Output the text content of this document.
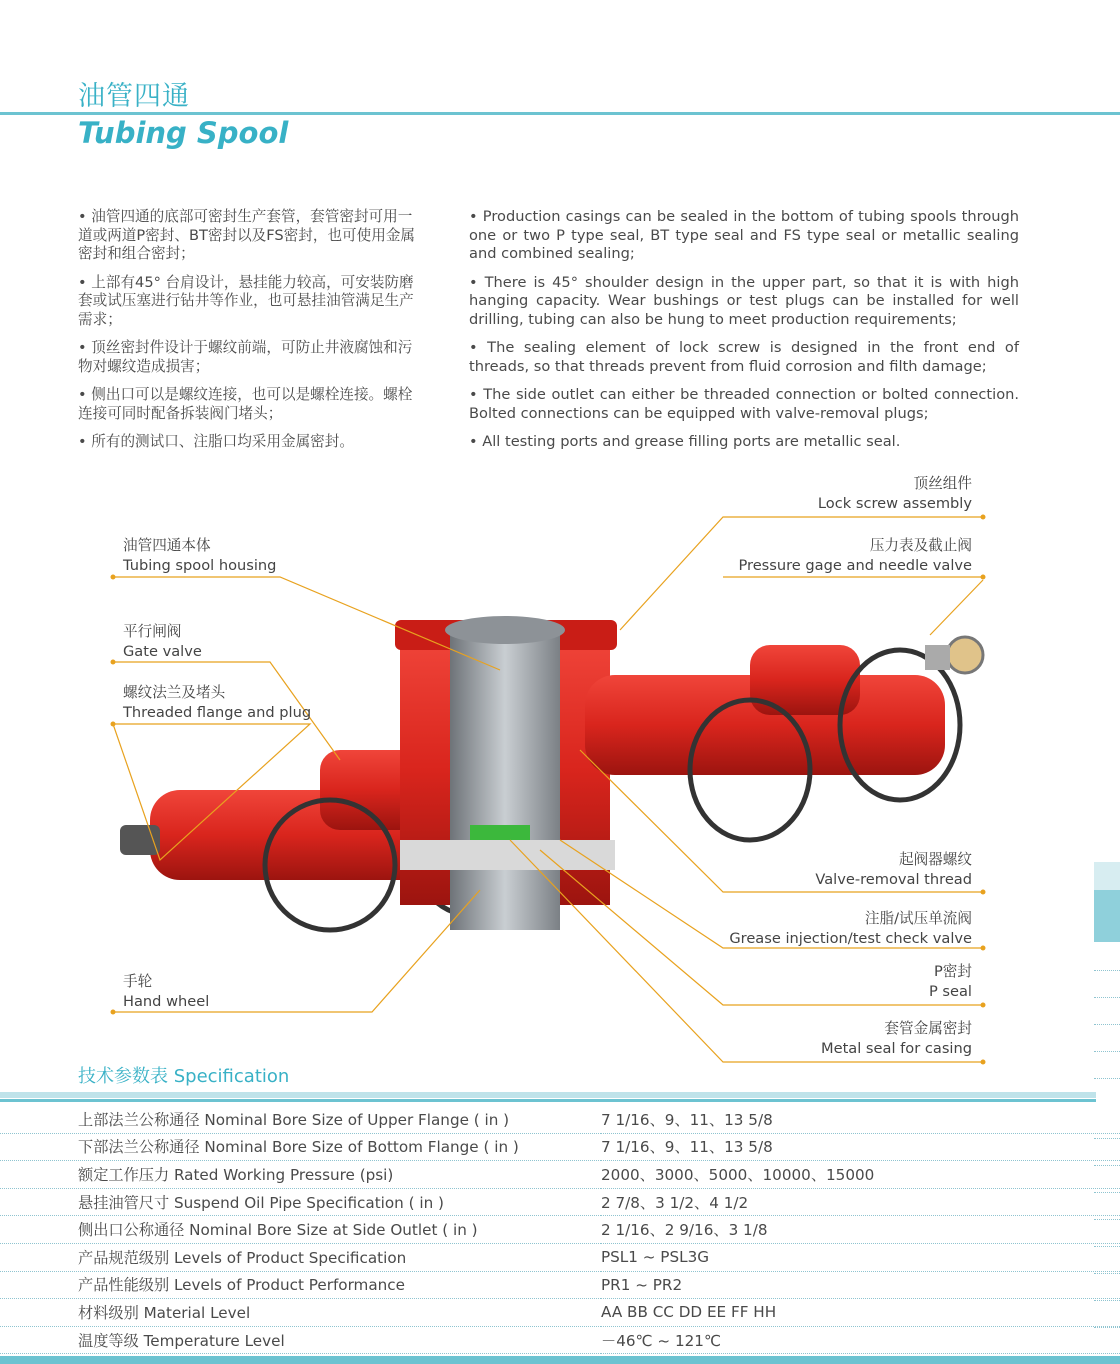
油管四通
Tubing Spool

• 油管四通的底部可密封生产套管，套管密封可用一道或两道P密封、BT密封以及FS密封，也可使用金属密封和组合密封；

• 上部有45° 台肩设计，悬挂能力较高，可安装防磨套或试压塞进行钻井等作业，也可悬挂油管满足生产需求；

• 顶丝密封件设计于螺纹前端，可防止井液腐蚀和污物对螺纹造成损害；

• 侧出口可以是螺纹连接，也可以是螺栓连接。螺栓连接可同时配备拆装阀门堵头；

• 所有的测试口、注脂口均采用金属密封。

• Production casings can be sealed in the bottom of tubing spools through one or two P type seal, BT type seal and FS type seal or metallic sealing and combined sealing;

• There is 45° shoulder design in the upper part, so that it is with high hanging capacity. Wear bushings or test plugs can be installed for well drilling, tubing can also be hung to meet production requirements;

• The sealing element of lock screw is designed in the front end of threads, so that threads prevent from fluid corrosion and filth damage;

• The side outlet can either be threaded connection or bolted connection. Bolted connections can be equipped with valve-removal plugs;

• All testing ports and grease filling ports are metallic seal.

油管四通本体
Tubing spool housing
平行闸阀
Gate valve
螺纹法兰及堵头
Threaded flange and plug
手轮
Hand wheel
顶丝组件
Lock screw assembly
压力表及截止阀
Pressure gage and needle valve
起阀器螺纹
Valve-removal thread
注脂/试压单流阀
Grease injection/test check valve
P密封
P seal
套管金属密封
Metal seal for casing
技术参数表 Specification
上部法兰公称通径 Nominal Bore Size of Upper Flange ( in )	7 1/16、9、11、13 5/8
下部法兰公称通径 Nominal Bore Size of Bottom Flange ( in )	7 1/16、9、11、13 5/8
额定工作压力 Rated Working Pressure (psi)	2000、3000、5000、10000、15000
悬挂油管尺寸 Suspend Oil Pipe Specification ( in )	2 7/8、3 1/2、4 1/2
侧出口公称通径 Nominal Bore Size at Side Outlet ( in )	2 1/16、2 9/16、3 1/8
产品规范级别 Levels of Product Specification	PSL1 ~ PSL3G
产品性能级别 Levels of Product Performance	PR1 ~ PR2
材料级别 Material Level	AA BB CC DD EE FF HH
温度等级 Temperature Level	－46℃ ~ 121℃
